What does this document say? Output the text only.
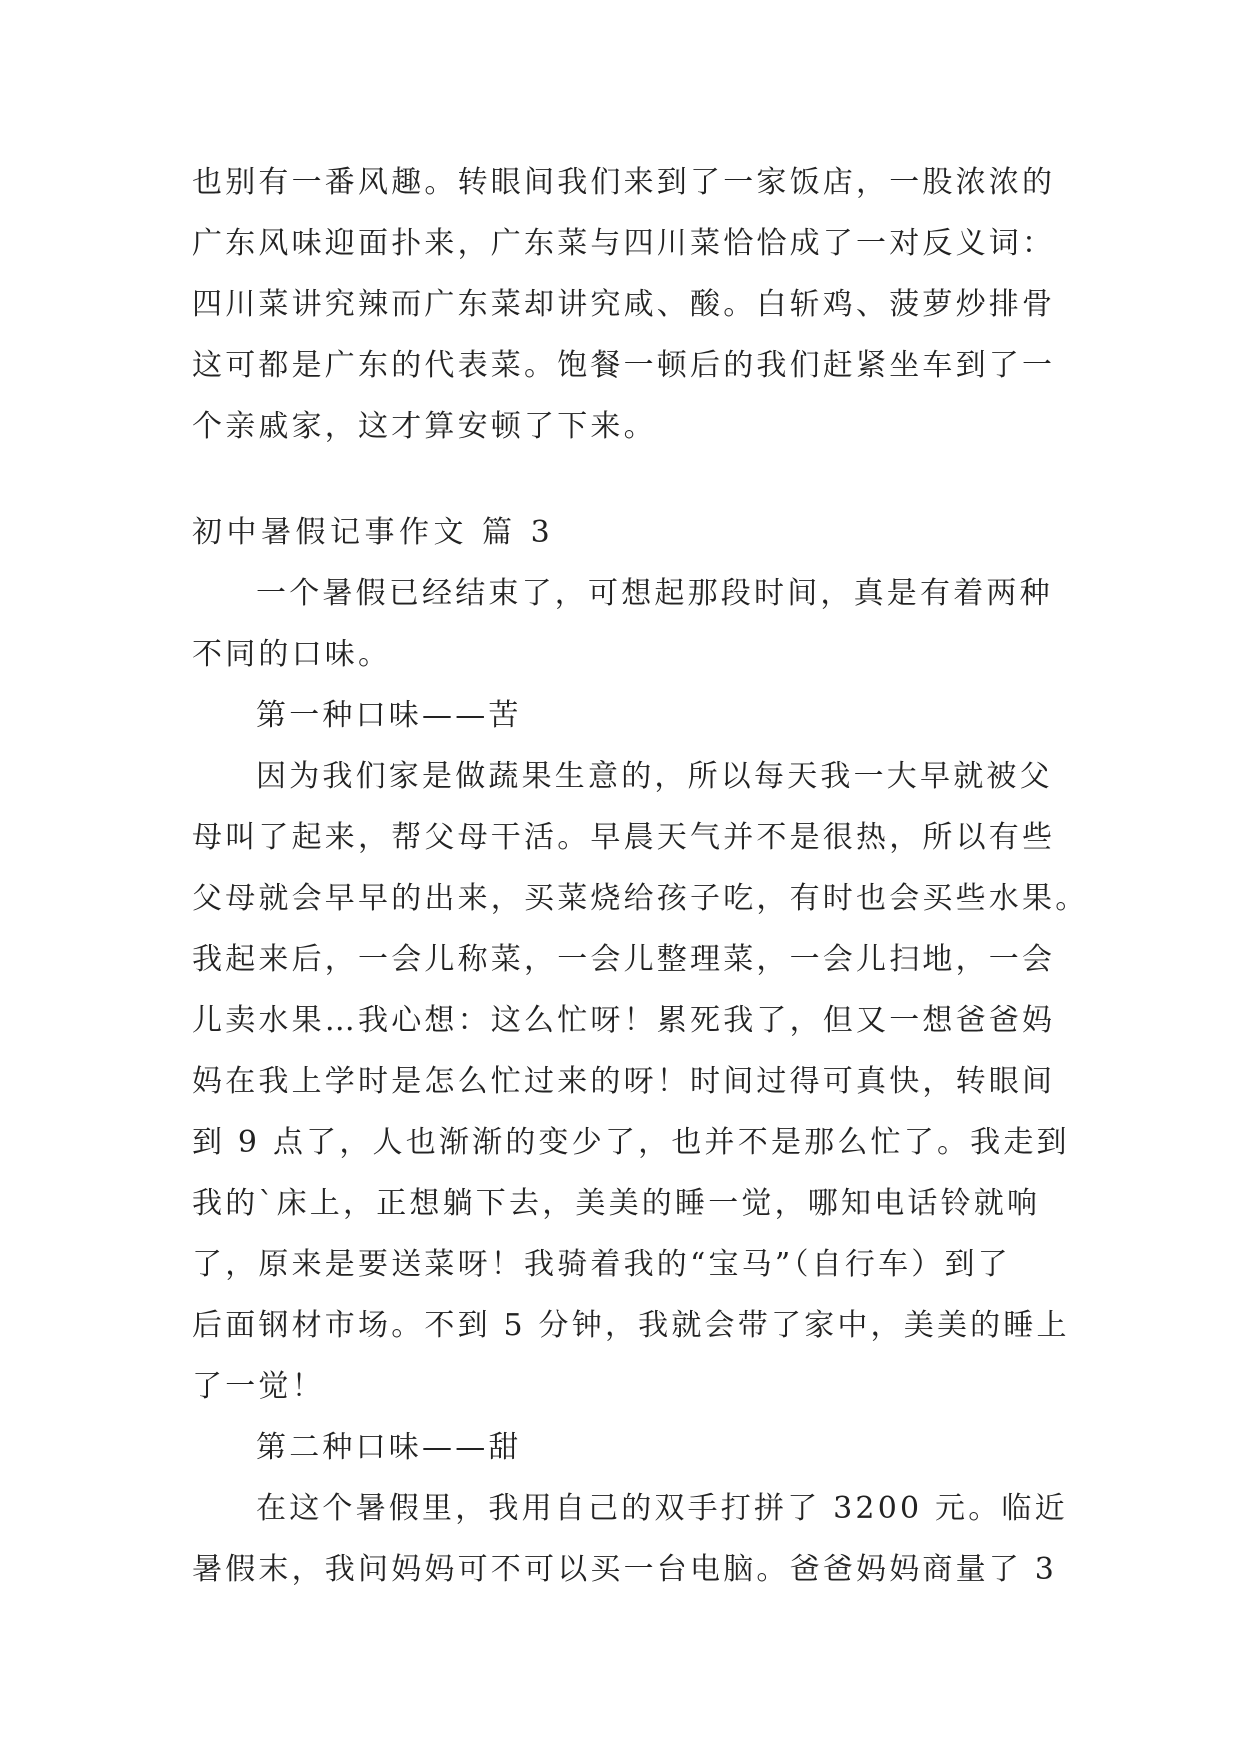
也别有一番风趣。转眼间我们来到了一家饭店，一股浓浓的
广东风味迎面扑来，广东菜与四川菜恰恰成了一对反义词：
四川菜讲究辣而广东菜却讲究咸、酸。白斩鸡、菠萝炒排骨
这可都是广东的代表菜。饱餐一顿后的我们赶紧坐车到了一
个亲戚家，这才算安顿了下来。
初中暑假记事作文 篇 3
一个暑假已经结束了，可想起那段时间，真是有着两种
不同的口味。
第一种口味——苦
因为我们家是做蔬果生意的，所以每天我一大早就被父
母叫了起来，帮父母干活。早晨天气并不是很热，所以有些
父母就会早早的出来，买菜烧给孩子吃，有时也会买些水果。
我起来后，一会儿称菜，一会儿整理菜，一会儿扫地，一会
儿卖水果…我心想：这么忙呀！累死我了，但又一想爸爸妈
妈在我上学时是怎么忙过来的呀！时间过得可真快，转眼间
到 9 点了，人也渐渐的变少了，也并不是那么忙了。我走到
我的`床上，正想躺下去，美美的睡一觉，哪知电话铃就响
了，原来是要送菜呀！我骑着我的“宝马”（自行车）到了
后面钢材市场。不到 5 分钟，我就会带了家中，美美的睡上
了一觉！
第二种口味——甜
在这个暑假里，我用自己的双手打拼了 3200 元。临近
暑假末，我问妈妈可不可以买一台电脑。爸爸妈妈商量了 3
